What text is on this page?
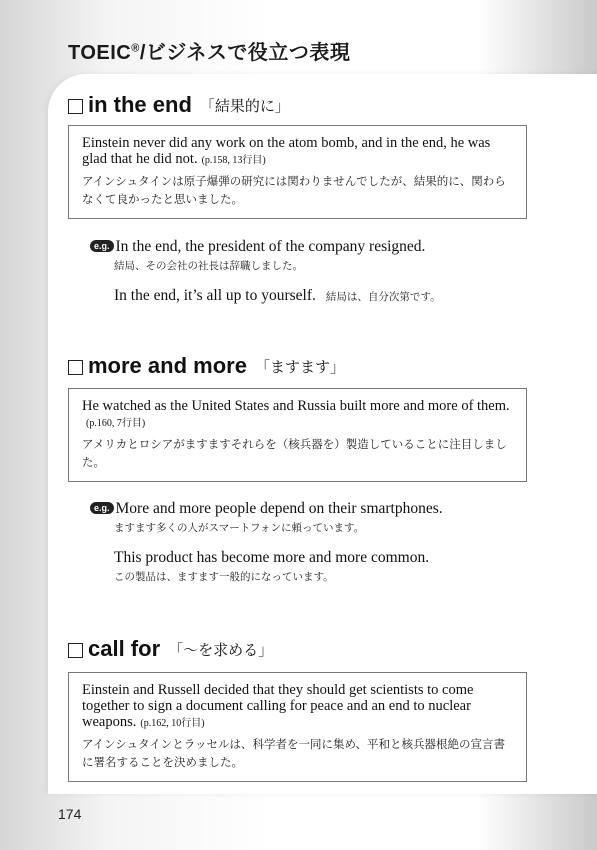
TOEIC®/ビジネスで役立つ表現
in the end 「結果的に」
Einstein never did any work on the atom bomb, and in the end, he was glad that he did not. (p.158, 13行目)
アインシュタインは原子爆弾の研究には関わりませんでしたが、結果的に、関わらなくて良かったと思いました。
e.g. In the end, the president of the company resigned.
結局、その会社の社長は辞職しました。
In the end, it’s all up to yourself. 結局は、自分次第です。
more and more 「ますます」
He watched as the United States and Russia built more and more of them.(p.160, 7行目)
アメリカとロシアがますますそれらを（核兵器を）製造していることに注目しました。
e.g. More and more people depend on their smartphones.
ますます多くの人がスマートフォンに頼っています。
This product has become more and more common.
この製品は、ますます一般的になっています。
call for 「～を求める」
Einstein and Russell decided that they should get scientists to come together to sign a document calling for peace and an end to nuclear weapons. (p.162, 10行目)
アインシュタインとラッセルは、科学者を一同に集め、平和と核兵器根絶の宣言書に署名することを決めました。
174
